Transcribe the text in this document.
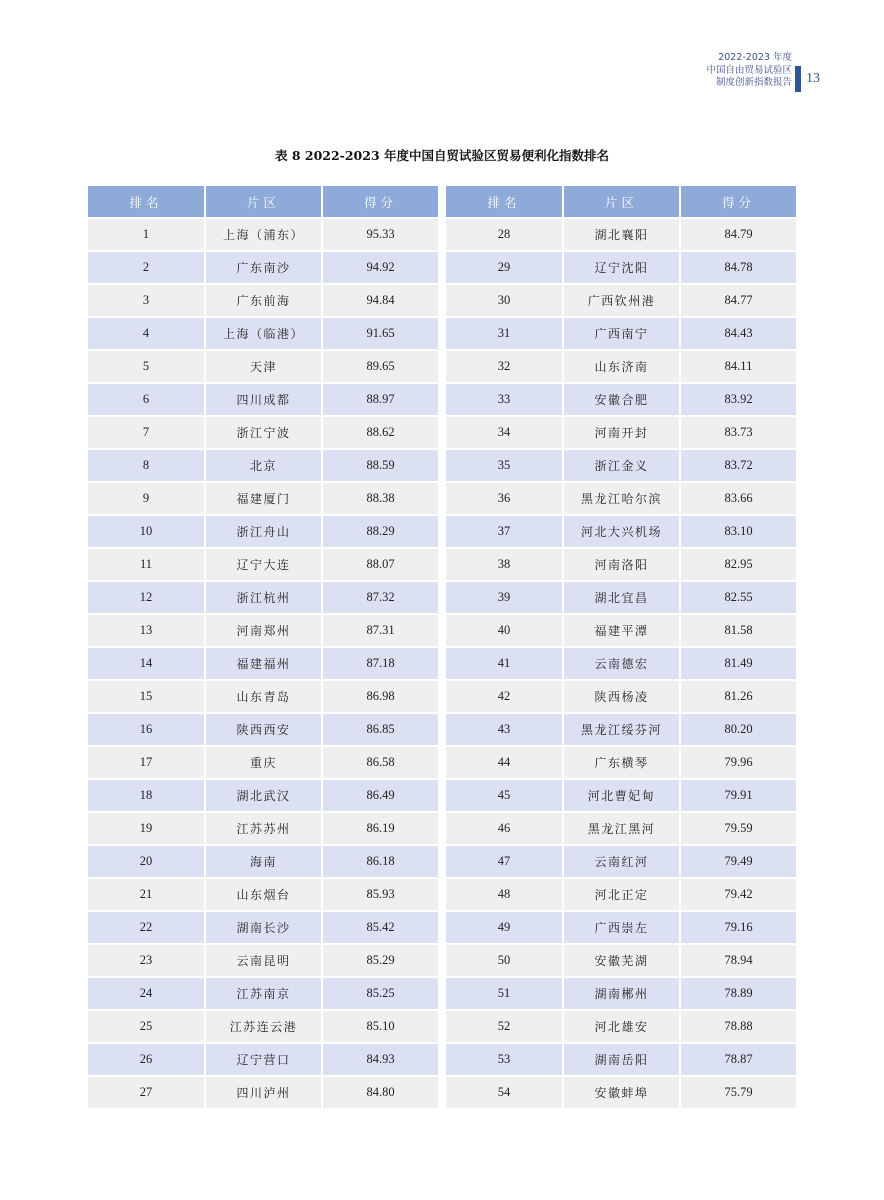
2022-2023 年度
中国自由贸易试验区
制度创新指数报告 13
表 8 2022-2023 年度中国自贸试验区贸易便利化指数排名
排名	片区	得分
1	上海（浦东）	95.33
2	广东南沙	94.92
3	广东前海	94.84
4	上海（临港）	91.65
5	天津	89.65
6	四川成都	88.97
7	浙江宁波	88.62
8	北京	88.59
9	福建厦门	88.38
10	浙江舟山	88.29
11	辽宁大连	88.07
12	浙江杭州	87.32
13	河南郑州	87.31
14	福建福州	87.18
15	山东青岛	86.98
16	陕西西安	86.85
17	重庆	86.58
18	湖北武汉	86.49
19	江苏苏州	86.19
20	海南	86.18
21	山东烟台	85.93
22	湖南长沙	85.42
23	云南昆明	85.29
24	江苏南京	85.25
25	江苏连云港	85.10
26	辽宁营口	84.93
27	四川泸州	84.80
排名	片区	得分
28	湖北襄阳	84.79
29	辽宁沈阳	84.78
30	广西钦州港	84.77
31	广西南宁	84.43
32	山东济南	84.11
33	安徽合肥	83.92
34	河南开封	83.73
35	浙江金义	83.72
36	黑龙江哈尔滨	83.66
37	河北大兴机场	83.10
38	河南洛阳	82.95
39	湖北宜昌	82.55
40	福建平潭	81.58
41	云南德宏	81.49
42	陕西杨凌	81.26
43	黑龙江绥芬河	80.20
44	广东横琴	79.96
45	河北曹妃甸	79.91
46	黑龙江黑河	79.59
47	云南红河	79.49
48	河北正定	79.42
49	广西崇左	79.16
50	安徽芜湖	78.94
51	湖南郴州	78.89
52	河北雄安	78.88
53	湖南岳阳	78.87
54	安徽蚌埠	75.79
